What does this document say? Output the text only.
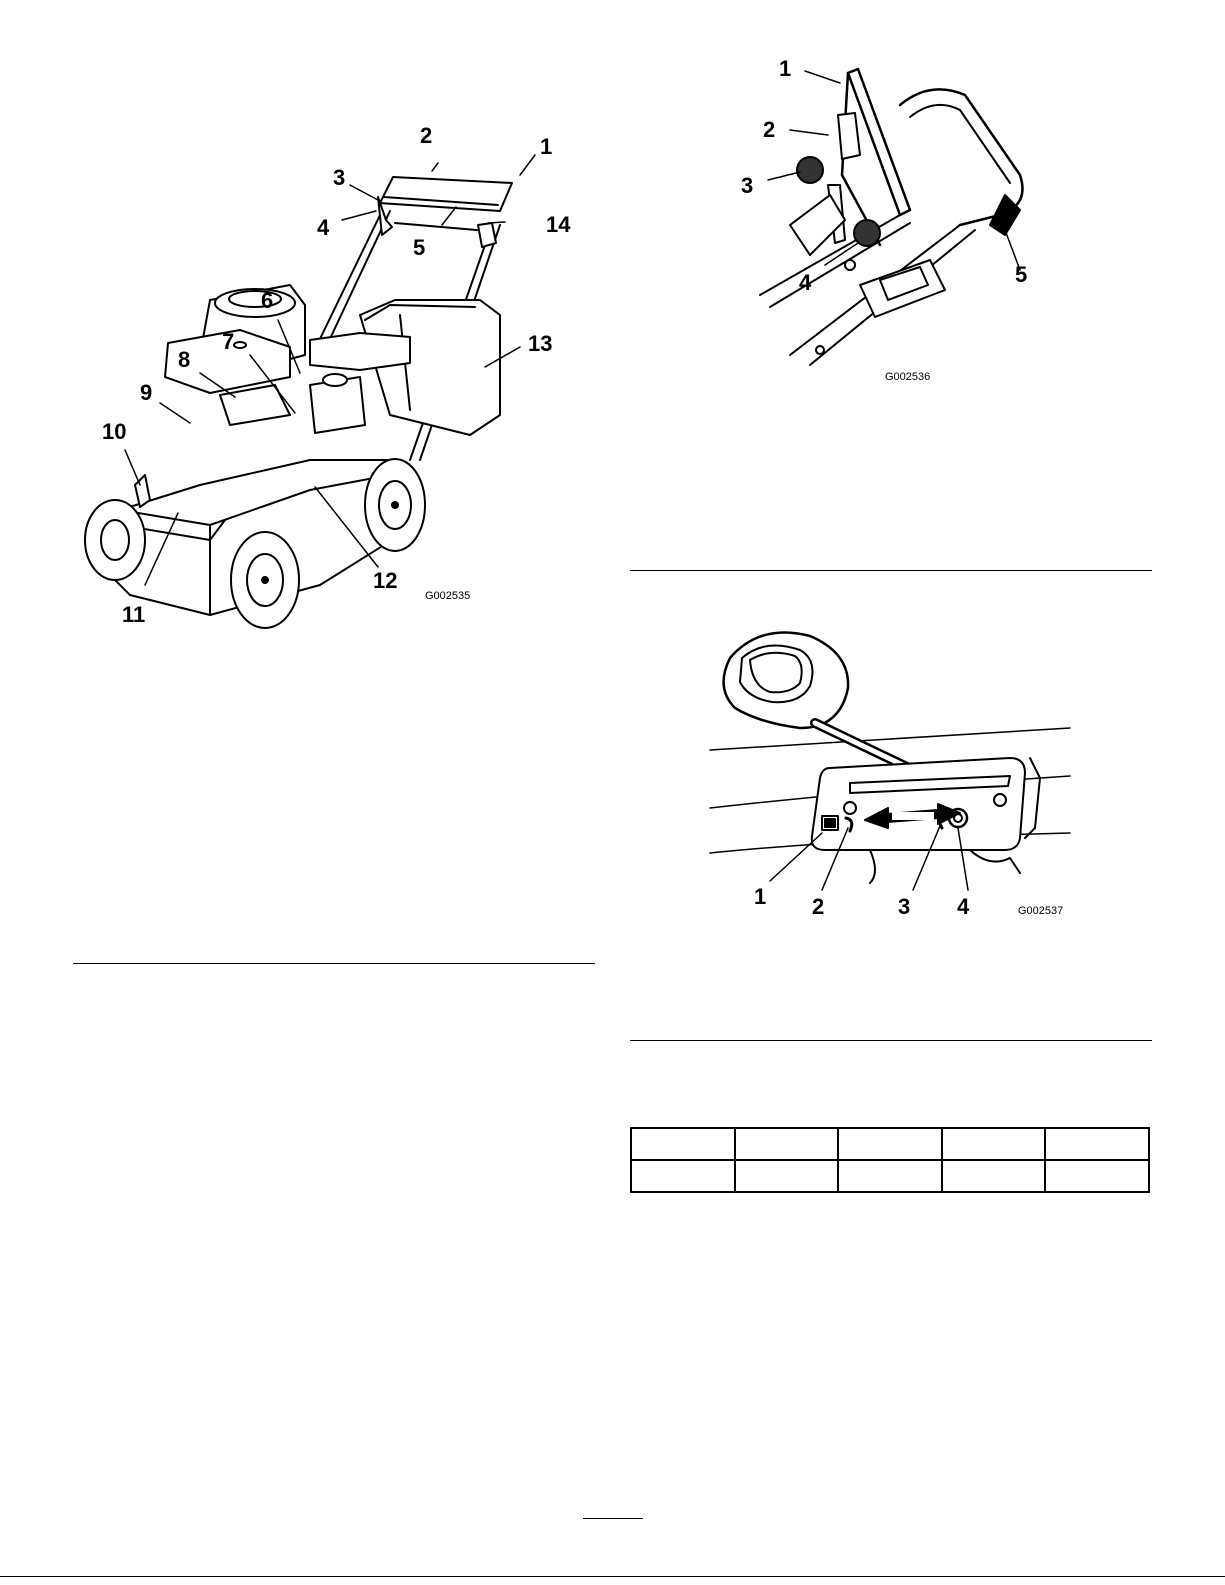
1
2
3
4
5
6
7
8
9
10
11
12
13
14
G002535
1
2
3
4	5
G002536
1 2	3 4	G002537
